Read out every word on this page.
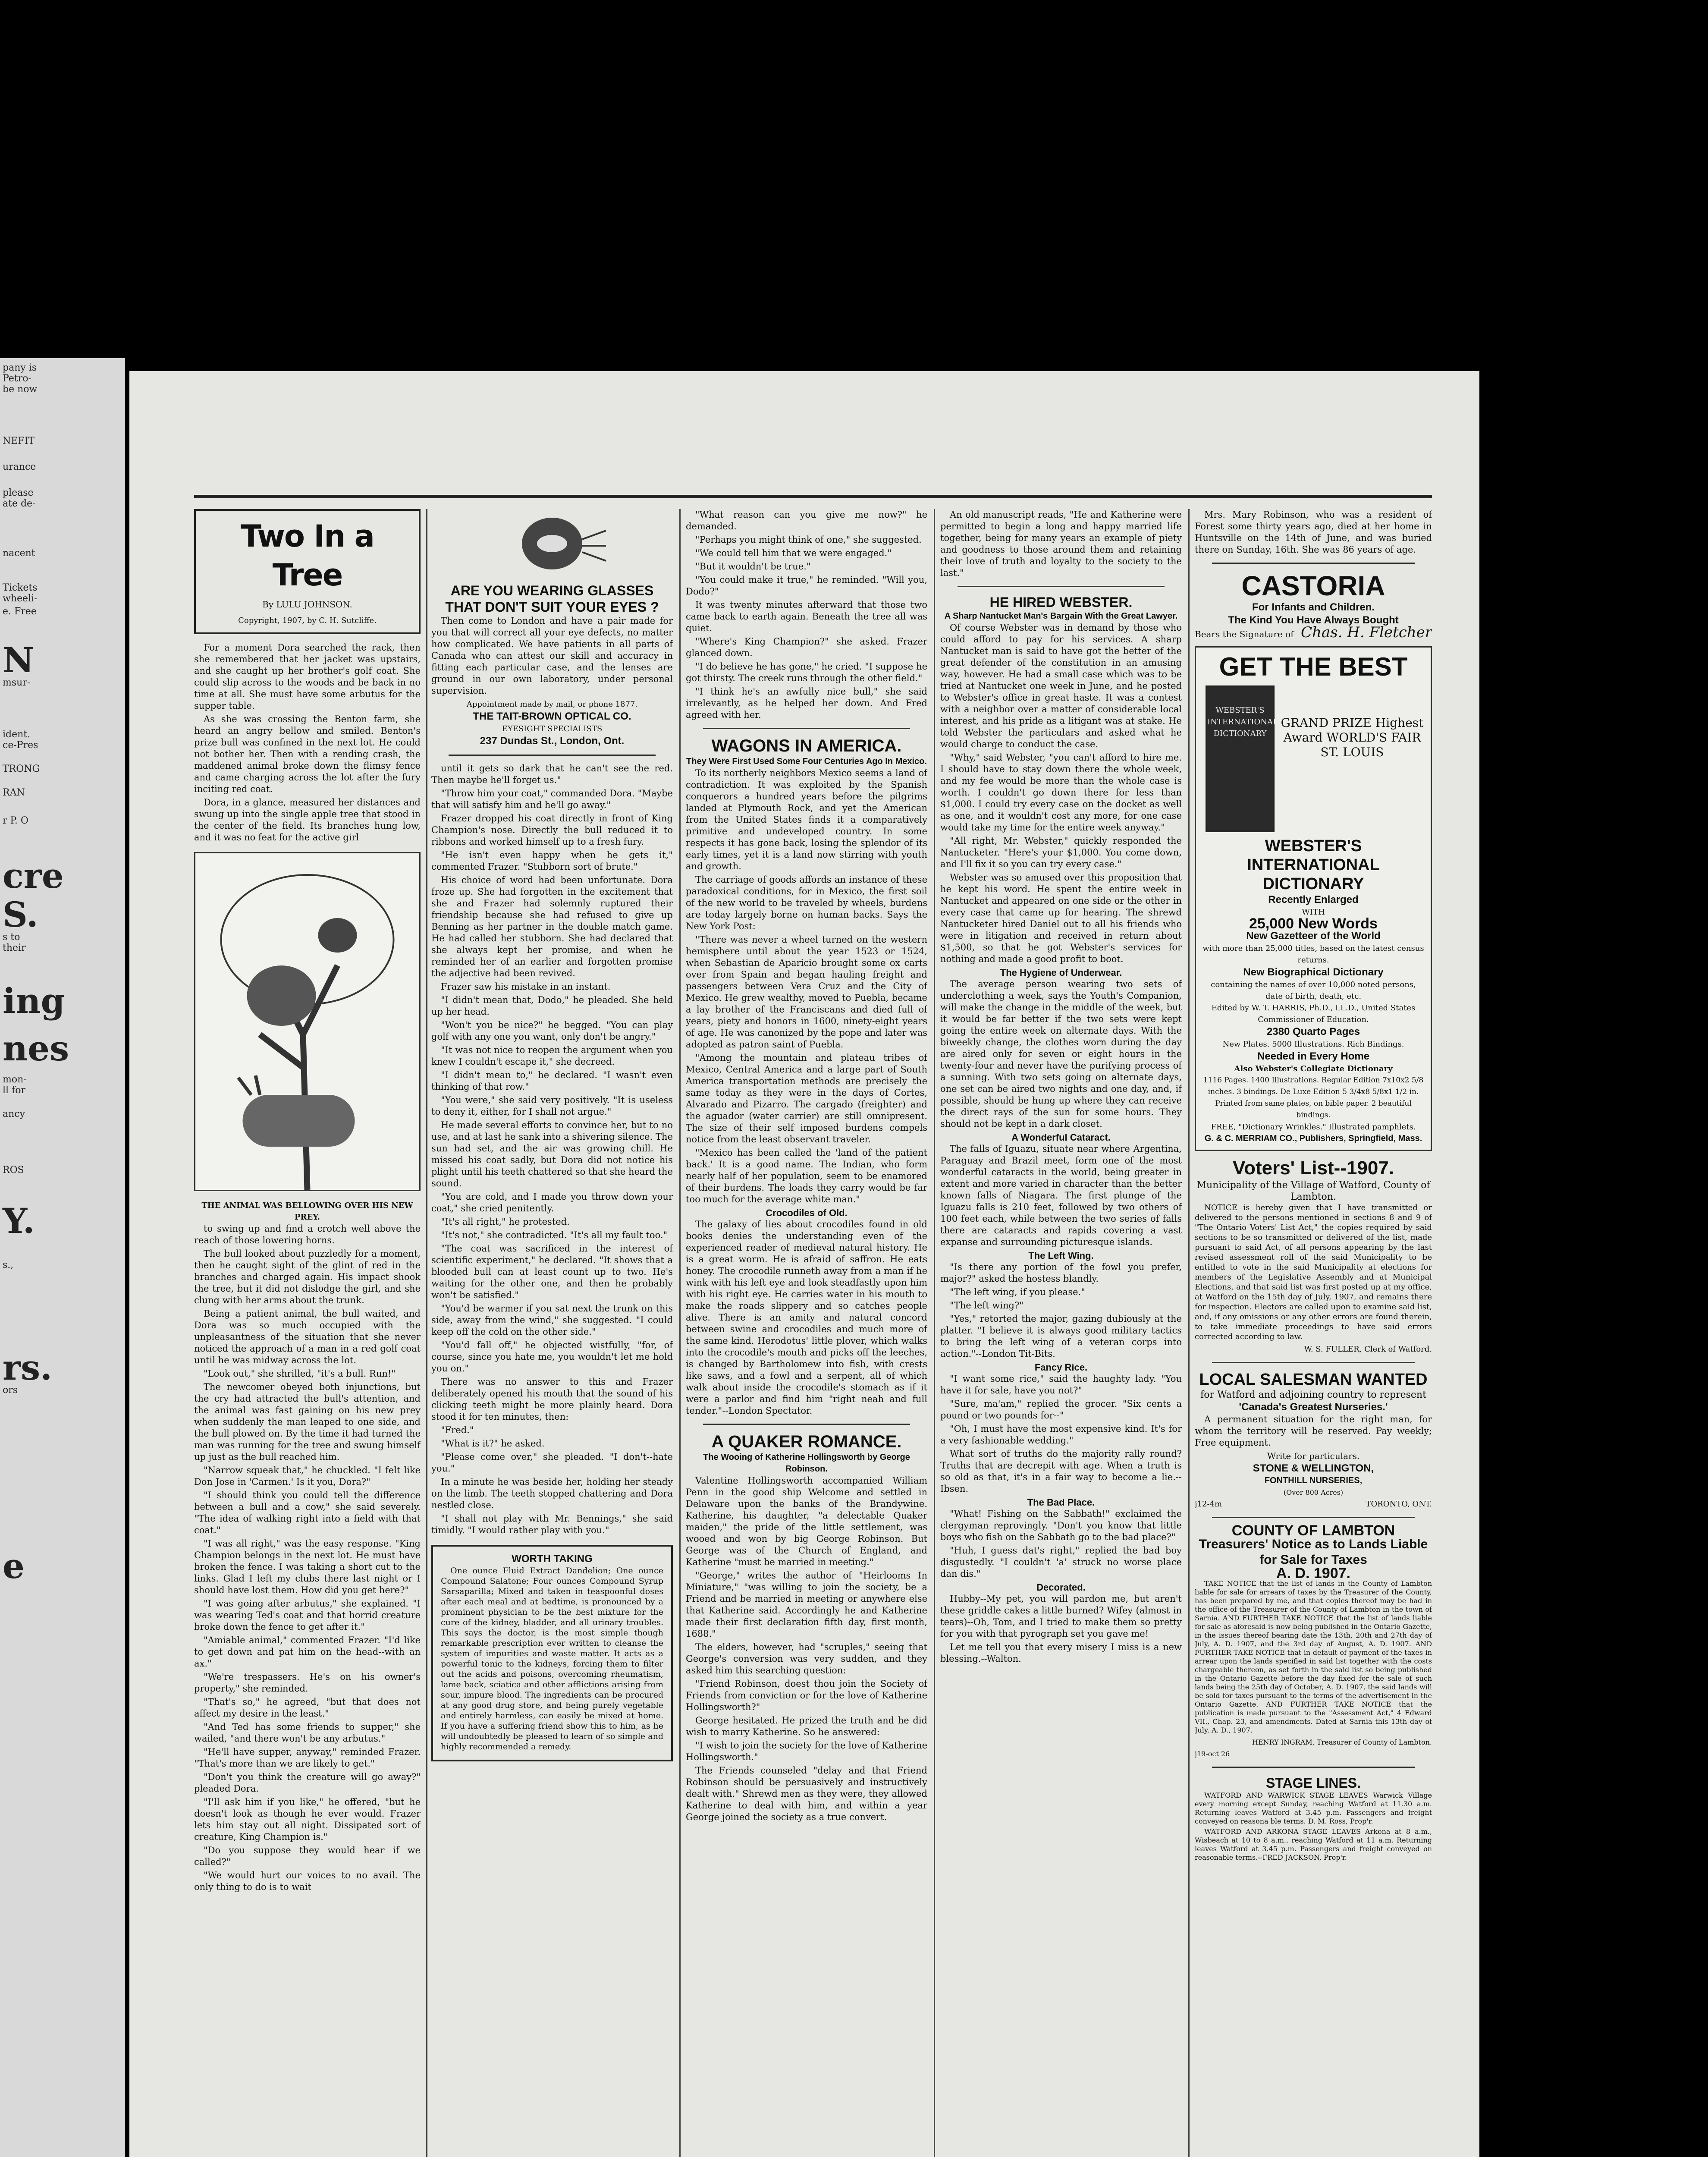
pany is
Petro-
be now
NEFIT
urance
please
ate de-
nacent
Tickets
wheeli-
e. Free
N
msur-
ident.
ce-Pres
TRONG
RAN
r P. O
cre
S.
s to
their
ing
nes
mon-
ll for
ancy
ROS
Y.
s.,
rs.
ors
e
Two In a Tree
By LULU JOHNSON.
Copyright, 1907, by C. H. Sutcliffe.

For a moment Dora searched the rack, then she remembered that her jacket was upstairs, and she caught up her brother's golf coat. She could slip across to the woods and be back in no time at all. She must have some arbutus for the supper table.

As she was crossing the Benton farm, she heard an angry bellow and smiled. Benton's prize bull was confined in the next lot. He could not bother her. Then with a rending crash, the maddened animal broke down the flimsy fence and came charging across the lot after the fury inciting red coat.

Dora, in a glance, measured her distances and swung up into the single apple tree that stood in the center of the field. Its branches hung low, and it was no feat for the active girl

THE ANIMAL WAS BELLOWING OVER HIS NEW PREY.

to swing up and find a crotch well above the reach of those lowering horns.

The bull looked about puzzledly for a moment, then he caught sight of the glint of red in the branches and charged again. His impact shook the tree, but it did not dislodge the girl, and she clung with her arms about the trunk.

Being a patient animal, the bull waited, and Dora was so much occupied with the unpleasantness of the situation that she never noticed the approach of a man in a red golf coat until he was midway across the lot.

"Look out," she shrilled, "it's a bull. Run!"

The newcomer obeyed both injunctions, but the cry had attracted the bull's attention, and the animal was fast gaining on his new prey when suddenly the man leaped to one side, and the bull plowed on. By the time it had turned the man was running for the tree and swung himself up just as the bull reached him.

"Narrow squeak that," he chuckled. "I felt like Don Jose in 'Carmen.' Is it you, Dora?"

"I should think you could tell the difference between a bull and a cow," she said severely. "The idea of walking right into a field with that coat."

"I was all right," was the easy response. "King Champion belongs in the next lot. He must have broken the fence. I was taking a short cut to the links. Glad I left my clubs there last night or I should have lost them. How did you get here?"

"I was going after arbutus," she explained. "I was wearing Ted's coat and that horrid creature broke down the fence to get after it."

"Amiable animal," commented Frazer. "I'd like to get down and pat him on the head--with an ax."

"We're trespassers. He's on his owner's property," she reminded.

"That's so," he agreed, "but that does not affect my desire in the least."

"And Ted has some friends to supper," she wailed, "and there won't be any arbutus."

"He'll have supper, anyway," reminded Frazer. "That's more than we are likely to get."

"Don't you think the creature will go away?" pleaded Dora.

"I'll ask him if you like," he offered, "but he doesn't look as though he ever would. Frazer lets him stay out all night. Dissipated sort of creature, King Champion is."

"Do you suppose they would hear if we called?"

"We would hurt our voices to no avail. The only thing to do is to wait

ARE YOU WEARING GLASSES THAT DON'T SUIT YOUR EYES ?

Then come to London and have a pair made for you that will correct all your eye defects, no matter how complicated. We have patients in all parts of Canada who can attest our skill and accuracy in fitting each particular case, and the lenses are ground in our own laboratory, under personal supervision.

Appointment made by mail, or phone 1877.
THE TAIT-BROWN OPTICAL CO.
EYESIGHT SPECIALISTS
237 Dundas St., London, Ont.

until it gets so dark that he can't see the red. Then maybe he'll forget us."

"Throw him your coat," commanded Dora. "Maybe that will satisfy him and he'll go away."

Frazer dropped his coat directly in front of King Champion's nose. Directly the bull reduced it to ribbons and worked himself up to a fresh fury.

"He isn't even happy when he gets it," commented Frazer. "Stubborn sort of brute."

His choice of word had been unfortunate. Dora froze up. She had forgotten in the excitement that she and Frazer had solemnly ruptured their friendship because she had refused to give up Benning as her partner in the double match game. He had called her stubborn. She had declared that she always kept her promise, and when he reminded her of an earlier and forgotten promise the adjective had been revived.

Frazer saw his mistake in an instant.

"I didn't mean that, Dodo," he pleaded. She held up her head.

"Won't you be nice?" he begged. "You can play golf with any one you want, only don't be angry."

"It was not nice to reopen the argument when you knew I couldn't escape it," she decreed.

"I didn't mean to," he declared. "I wasn't even thinking of that row."

"You were," she said very positively. "It is useless to deny it, either, for I shall not argue."

He made several efforts to convince her, but to no use, and at last he sank into a shivering silence. The sun had set, and the air was growing chill. He missed his coat sadly, but Dora did not notice his plight until his teeth chattered so that she heard the sound.

"You are cold, and I made you throw down your coat," she cried penitently.

"It's all right," he protested.

"It's not," she contradicted. "It's all my fault too."

"The coat was sacrificed in the interest of scientific experiment," he declared. "It shows that a blooded bull can at least count up to two. He's waiting for the other one, and then he probably won't be satisfied."

"You'd be warmer if you sat next the trunk on this side, away from the wind," she suggested. "I could keep off the cold on the other side."

"You'd fall off," he objected wistfully, "for, of course, since you hate me, you wouldn't let me hold you on."

There was no answer to this and Frazer deliberately opened his mouth that the sound of his clicking teeth might be more plainly heard. Dora stood it for ten minutes, then:

"Fred."

"What is it?" he asked.

"Please come over," she pleaded. "I don't--hate you."

In a minute he was beside her, holding her steady on the limb. The teeth stopped chattering and Dora nestled close.

"I shall not play with Mr. Bennings," she said timidly. "I would rather play with you."

WORTH TAKING

One ounce Fluid Extract Dandelion; One ounce Compound Salatone; Four ounces Compound Syrup Sarsaparilla; Mixed and taken in teaspoonful doses after each meal and at bedtime, is pronounced by a prominent physician to be the best mixture for the cure of the kidney, bladder, and all urinary troubles. This says the doctor, is the most simple though remarkable prescription ever written to cleanse the system of impurities and waste matter. It acts as a powerful tonic to the kidneys, forcing them to filter out the acids and poisons, overcoming rheumatism, lame back, sciatica and other afflictions arising from sour, impure blood. The ingredients can be procured at any good drug store, and being purely vegetable and entirely harmless, can easily be mixed at home. If you have a suffering friend show this to him, as he will undoubtedly be pleased to learn of so simple and highly recommended a remedy.

"What reason can you give me now?" he demanded.

"Perhaps you might think of one," she suggested.

"We could tell him that we were engaged."

"But it wouldn't be true."

"You could make it true," he reminded. "Will you, Dodo?"

It was twenty minutes afterward that those two came back to earth again. Beneath the tree all was quiet.

"Where's King Champion?" she asked. Frazer glanced down.

"I do believe he has gone," he cried. "I suppose he got thirsty. The creek runs through the other field."

"I think he's an awfully nice bull," she said irrelevantly, as he helped her down. And Fred agreed with her.

WAGONS IN AMERICA.
They Were First Used Some Four Centuries Ago In Mexico.

To its northerly neighbors Mexico seems a land of contradiction. It was exploited by the Spanish conquerors a hundred years before the pilgrims landed at Plymouth Rock, and yet the American from the United States finds it a comparatively primitive and undeveloped country. In some respects it has gone back, losing the splendor of its early times, yet it is a land now stirring with youth and growth.

The carriage of goods affords an instance of these paradoxical conditions, for in Mexico, the first soil of the new world to be traveled by wheels, burdens are today largely borne on human backs. Says the New York Post:

"There was never a wheel turned on the western hemisphere until about the year 1523 or 1524, when Sebastian de Aparicio brought some ox carts over from Spain and began hauling freight and passengers between Vera Cruz and the City of Mexico. He grew wealthy, moved to Puebla, became a lay brother of the Franciscans and died full of years, piety and honors in 1600, ninety-eight years of age. He was canonized by the pope and later was adopted as patron saint of Puebla.

"Among the mountain and plateau tribes of Mexico, Central America and a large part of South America transportation methods are precisely the same today as they were in the days of Cortes, Alvarado and Pizarro. The cargado (freighter) and the aguador (water carrier) are still omnipresent. The size of their self imposed burdens compels notice from the least observant traveler.

"Mexico has been called the 'land of the patient back.' It is a good name. The Indian, who form nearly half of her population, seem to be enamored of their burdens. The loads they carry would be far too much for the average white man."

Crocodiles of Old.

The galaxy of lies about crocodiles found in old books denies the understanding even of the experienced reader of medieval natural history. He is a great worm. He is afraid of saffron. He eats honey. The crocodile runneth away from a man if he wink with his left eye and look steadfastly upon him with his right eye. He carries water in his mouth to make the roads slippery and so catches people alive. There is an amity and natural concord between swine and crocodiles and much more of the same kind. Herodotus' little plover, which walks into the crocodile's mouth and picks off the leeches, is changed by Bartholomew into fish, with crests like saws, and a fowl and a serpent, all of which walk about inside the crocodile's stomach as if it were a parlor and find him "right neah and full tender."--London Spectator.

A QUAKER ROMANCE.
The Wooing of Katherine Hollingsworth by George Robinson.

Valentine Hollingsworth accompanied William Penn in the good ship Welcome and settled in Delaware upon the banks of the Brandywine. Katherine, his daughter, "a delectable Quaker maiden," the pride of the little settlement, was wooed and won by big George Robinson. But George was of the Church of England, and Katherine "must be married in meeting."

"George," writes the author of "Heirlooms In Miniature," "was willing to join the society, be a Friend and be married in meeting or anywhere else that Katherine said. Accordingly he and Katherine made their first declaration fifth day, first month, 1688."

The elders, however, had "scruples," seeing that George's conversion was very sudden, and they asked him this searching question:

"Friend Robinson, doest thou join the Society of Friends from conviction or for the love of Katherine Hollingsworth?"

George hesitated. He prized the truth and he did wish to marry Katherine. So he answered:

"I wish to join the society for the love of Katherine Hollingsworth."

The Friends counseled "delay and that Friend Robinson should be persuasively and instructively dealt with." Shrewd men as they were, they allowed Katherine to deal with him, and within a year George joined the society as a true convert.

An old manuscript reads, "He and Katherine were permitted to begin a long and happy married life together, being for many years an example of piety and goodness to those around them and retaining their love of truth and loyalty to the society to the last."

HE HIRED WEBSTER.
A Sharp Nantucket Man's Bargain With the Great Lawyer.

Of course Webster was in demand by those who could afford to pay for his services. A sharp Nantucket man is said to have got the better of the great defender of the constitution in an amusing way, however. He had a small case which was to be tried at Nantucket one week in June, and he posted to Webster's office in great haste. It was a contest with a neighbor over a matter of considerable local interest, and his pride as a litigant was at stake. He told Webster the particulars and asked what he would charge to conduct the case.

"Why," said Webster, "you can't afford to hire me. I should have to stay down there the whole week, and my fee would be more than the whole case is worth. I couldn't go down there for less than $1,000. I could try every case on the docket as well as one, and it wouldn't cost any more, for one case would take my time for the entire week anyway."

"All right, Mr. Webster," quickly responded the Nantucketer. "Here's your $1,000. You come down, and I'll fix it so you can try every case."

Webster was so amused over this proposition that he kept his word. He spent the entire week in Nantucket and appeared on one side or the other in every case that came up for hearing. The shrewd Nantucketer hired Daniel out to all his friends who were in litigation and received in return about $1,500, so that he got Webster's services for nothing and made a good profit to boot.

The Hygiene of Underwear.

The average person wearing two sets of underclothing a week, says the Youth's Companion, will make the change in the middle of the week, but it would be far better if the two sets were kept going the entire week on alternate days. With the biweekly change, the clothes worn during the day are aired only for seven or eight hours in the twenty-four and never have the purifying process of a sunning. With two sets going on alternate days, one set can be aired two nights and one day, and, if possible, should be hung up where they can receive the direct rays of the sun for some hours. They should not be kept in a dark closet.

A Wonderful Cataract.

The falls of Iguazu, situate near where Argentina, Paraguay and Brazil meet, form one of the most wonderful cataracts in the world, being greater in extent and more varied in character than the better known falls of Niagara. The first plunge of the Iguazu falls is 210 feet, followed by two others of 100 feet each, while between the two series of falls there are cataracts and rapids covering a vast expanse and surrounding picturesque islands.

The Left Wing.

"Is there any portion of the fowl you prefer, major?" asked the hostess blandly.

"The left wing, if you please."

"The left wing?"

"Yes," retorted the major, gazing dubiously at the platter. "I believe it is always good military tactics to bring the left wing of a veteran corps into action."--London Tit-Bits.

Fancy Rice.

"I want some rice," said the haughty lady. "You have it for sale, have you not?"

"Sure, ma'am," replied the grocer. "Six cents a pound or two pounds for--"

"Oh, I must have the most expensive kind. It's for a very fashionable wedding."

What sort of truths do the majority rally round? Truths that are decrepit with age. When a truth is so old as that, it's in a fair way to become a lie.--Ibsen.

The Bad Place.

"What! Fishing on the Sabbath!" exclaimed the clergyman reprovingly. "Don't you know that little boys who fish on the Sabbath go to the bad place?"

"Huh, I guess dat's right," replied the bad boy disgustedly. "I couldn't 'a' struck no worse place dan dis."

Decorated.

Hubby--My pet, you will pardon me, but aren't these griddle cakes a little burned? Wifey (almost in tears)--Oh, Tom, and I tried to make them so pretty for you with that pyrograph set you gave me!

Let me tell you that every misery I miss is a new blessing.--Walton.

Mrs. Mary Robinson, who was a resident of Forest some thirty years ago, died at her home in Huntsville on the 14th of June, and was buried there on Sunday, 16th. She was 86 years of age.

CASTORIA
For Infants and Children.
The Kind You Have Always Bought
Bears the Signature of Chas. H. Fletcher
GET THE BEST
WEBSTER'S INTERNATIONAL DICTIONARY
GRAND PRIZE Highest Award WORLD'S FAIR ST. LOUIS
WEBSTER'S INTERNATIONAL DICTIONARY
Recently Enlarged
WITH
25,000 New Words
New Gazetteer of the World
with more than 25,000 titles, based on the latest census returns.
New Biographical Dictionary
containing the names of over 10,000 noted persons, date of birth, death, etc.
Edited by W. T. HARRIS, Ph.D., LL.D., United States Commissioner of Education.
2380 Quarto Pages
New Plates. 5000 Illustrations. Rich Bindings.
Needed in Every Home
Also Webster's Collegiate Dictionary
1116 Pages. 1400 Illustrations. Regular Edition 7x10x2 5/8 inches. 3 bindings. De Luxe Edition 5 3/4x8 5/8x1 1/2 in. Printed from same plates, on bible paper. 2 beautiful bindings.
FREE, "Dictionary Wrinkles." Illustrated pamphlets.
G. & C. MERRIAM CO., Publishers, Springfield, Mass.
Voters' List--1907.
Municipality of the Village of Watford, County of Lambton.

NOTICE is hereby given that I have transmitted or delivered to the persons mentioned in sections 8 and 9 of "The Ontario Voters' List Act," the copies required by said sections to be so transmitted or delivered of the list, made pursuant to said Act, of all persons appearing by the last revised assessment roll of the said Municipality to be entitled to vote in the said Municipality at elections for members of the Legislative Assembly and at Municipal Elections, and that said list was first posted up at my office, at Watford on the 15th day of July, 1907, and remains there for inspection. Electors are called upon to examine said list, and, if any omissions or any other errors are found therein, to take immediate proceedings to have said errors corrected according to law.

W. S. FULLER, Clerk of Watford.
LOCAL SALESMAN WANTED
for Watford and adjoining country to represent
'Canada's Greatest Nurseries.'

A permanent situation for the right man, for whom the territory will be reserved. Pay weekly; Free equipment.

Write for particulars.
STONE & WELLINGTON,
FONTHILL NURSERIES,
(Over 800 Acres)
j12-4m	TORONTO, ONT.
COUNTY OF LAMBTON
Treasurers' Notice as to Lands Liable for Sale for Taxes
A. D. 1907.

TAKE NOTICE that the list of lands in the County of Lambton liable for sale for arrears of taxes by the Treasurer of the County, has been prepared by me, and that copies thereof may be had in the office of the Treasurer of the County of Lambton in the town of Sarnia. AND FURTHER TAKE NOTICE that the list of lands liable for sale as aforesaid is now being published in the Ontario Gazette, in the issues thereof bearing date the 13th, 20th and 27th day of July, A. D. 1907, and the 3rd day of August, A. D. 1907. AND FURTHER TAKE NOTICE that in default of payment of the taxes in arrear upon the lands specified in said list together with the costs chargeable thereon, as set forth in the said list so being published in the Ontario Gazette before the day fixed for the sale of such lands being the 25th day of October, A. D. 1907, the said lands will be sold for taxes pursuant to the terms of the advertisement in the Ontario Gazette. AND FURTHER TAKE NOTICE that the publication is made pursuant to the "Assessment Act," 4 Edward VII., Chap. 23, and amendments. Dated at Sarnia this 13th day of July, A. D., 1907.

HENRY INGRAM, Treasurer of County of Lambton.
j19-oct 26
STAGE LINES.

WATFORD AND WARWICK STAGE LEAVES Warwick Village every morning except Sunday, reaching Watford at 11.30 a.m. Returning leaves Watford at 3.45 p.m. Passengers and freight conveyed on reasona ble terms. D. M. Ross, Prop'r.

WATFORD AND ARKONA STAGE LEAVES Arkona at 8 a.m., Wisbeach at 10 to 8 a.m., reaching Watford at 11 a.m. Returning leaves Watford at 3.45 p.m. Passengers and freight conveyed on reasonable terms.--FRED JACKSON, Prop'r.
